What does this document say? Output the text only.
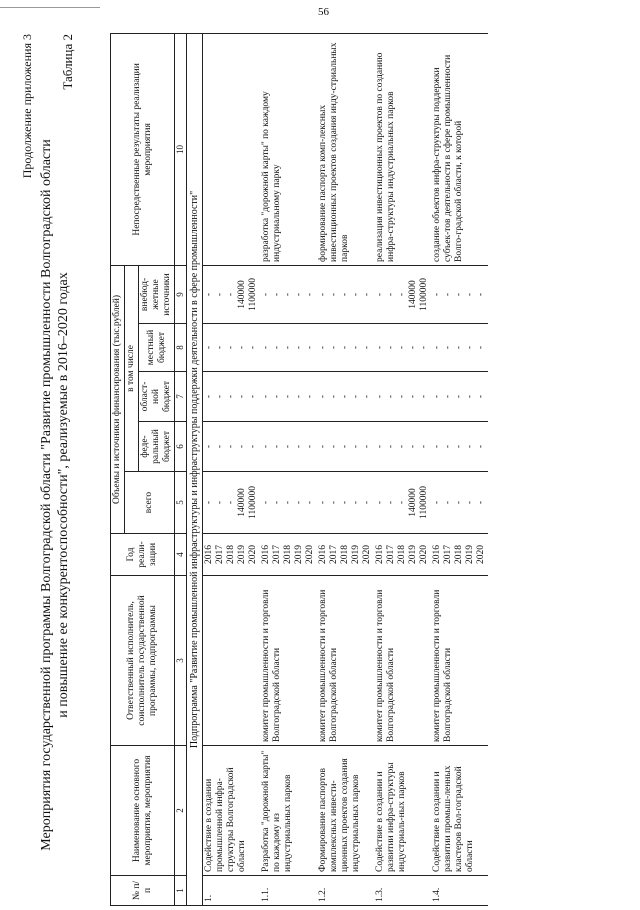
56
Продолжение приложения 3 Таблица 2
Мероприятия государственной программы Волгоградской области "Развитие промышленности Волгоградской области и повышение ее конкурентоспособности", реализуемые в 2016–2020 годах
№ п/п	Наименование основного мероприятия, мероприятия	Ответственный исполнитель, соисполнитель государственной программы, подпрограммы	Год реали-зации	Объемы и источники финансирования (тыс.рублей)					Непосредственные результаты реализации мероприятия
				всего	в том числе				
					феде-ральный бюджет	област-ной бюджет	местный бюджет	внебюд-жетные источники	
1	2	3	4	5	6	7	8	9	10
Подпрограмма "Развитие промышленной инфраструктуры и инфраструктуры поддержки деятельности в сфере промышленности"									
1.	Содействие в создании промышленной инфра-структуры Волгоградской области		2016
2017
2018
2019
2020	-
-
-
140000
1100000	-
-
-
-
-	-
-
-
-
-	-
-
-
-
-	-
-
-
140000
1100000	
1.1.	Разработка "дорожной карты" по каждому из индустриальных парков	комитет промышленности и торговли Волгоградской области	2016
2017
2018
2019
2020	-
-
-
-
-	-
-
-
-
-	-
-
-
-
-	-
-
-
-
-	-
-
-
-
-	разработка "дорожной карты" по каждому индустриальному парку
1.2.	Формирование паспортов комплексных инвести-ционных проектов создания индустриальных парков	комитет промышленности и торговли Волгоградской области	2016
2017
2018
2019
2020	-
-
-
-
-	-
-
-
-
-	-
-
-
-
-	-
-
-
-
-	-
-
-
-
-	формирование паспорта комп-лексных инвестиционных проектов создания инду-стриальных парков
1.3.	Содействие в создании и развитии инфра-структуры индустриаль-ных парков	комитет промышленности и торговли Волгоградской области	2016
2017
2018
2019
2020	-
-
-
140000
1100000	-
-
-
-
-	-
-
-
-
-	-
-
-
-
-	-
-
-
140000
1100000	реализация инвестиционных проектов по созданию инфра-структуры индустриальных парков
1.4.	Содействие в создании и развитии промыш-ленных кластеров Вол-гоградской области	комитет промышленности и торговли Волгоградской области	2016
2017
2018
2019
2020	-
-
-
-
-	-
-
-
-
-	-
-
-
-
-	-
-
-
-
-	-
-
-
-
-	создание объектов инфра-структуры поддержки субъек-тов деятельности в сфере промышленности Волго-градской области, к которой
